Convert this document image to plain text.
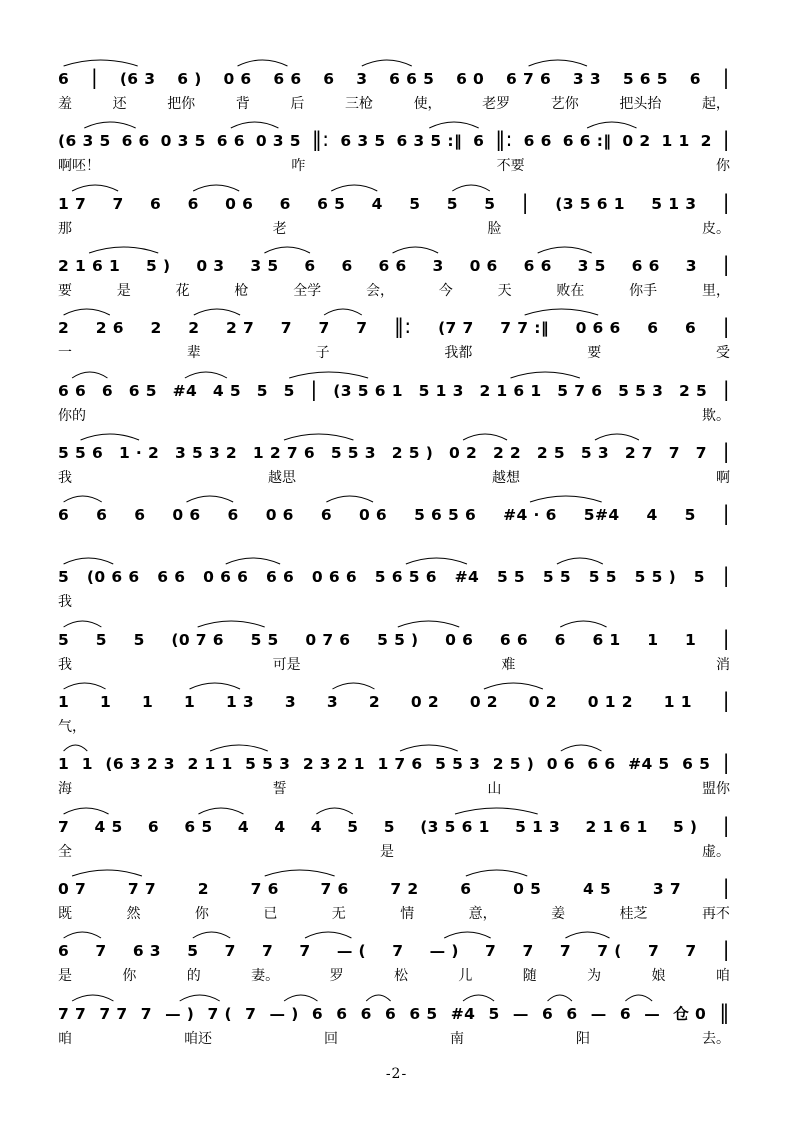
6 | (6 3 6 ) 0 6 6 6 6 3 6 6 5 6 0 6 7 6 3 3 5 6 5 6 |
羞	还	把你	背	后	三枪	使，	老罗	艺你	把头抬	起，
(6 3 5 6 6 0 3 5 6 6 0 3 5 ‖: 6 3 5 6 3 5 :‖ 6 ‖: 6 6 6 6 :‖ 0 2 1 1 2 |
啊呸！	咋	不要	你
1 7 7 6 6 0 6 6 6 5 4 5 5 5 | (3 5 6 1 5 1 3 |
那	老	脸	皮。
2 1 6 1 5 ) 0 3 3 5 6 6 6 6 3 0 6 6 6 3 5 6 6 3 |
要	是	花	枪	全学	会，	今	天	败在	你手	里，
2 2 6 2 2 2 7 7 7 7 ‖: (7 7 7 7 :‖ 0 6 6 6 6 |
一	辈	子	我都	要	受
6 6 6 6 5 #4 4 5 5 5 | (3 5 6 1 5 1 3 2 1 6 1 5 7 6 5 5 3 2 5 |
你的	欺。
5 5 6 1 · 2 3 5 3 2 1 2 7 6 5 5 3 2 5 ) 0 2 2 2 2 5 5 3 2 7 7 7 |
我	越思	越想	啊
6 6 6 0 6 6 0 6 6 0 6 5 6 5 6 #4 · 6 5#4 4 5 |
5 (0 6 6 6 6 0 6 6 6 6 0 6 6 5 6 5 6 #4 5 5 5 5 5 5 5 5 ) 5 |
我
5 5 5 (0 7 6 5 5 0 7 6 5 5 ) 0 6 6 6 6 6 1 1 1 |
我	可是	难	消
1 1 1 1 1 3 3 3 2 0 2 0 2 0 2 0 1 2 1 1 |
气，
1 1 (6 3 2 3 2 1 1 5 5 3 2 3 2 1 1 7 6 5 5 3 2 5 ) 0 6 6 6 #4 5 6 5 |
海	誓	山	盟你
7 4 5 6 6 5 4 4 4 5 5 (3 5 6 1 5 1 3 2 1 6 1 5 ) |
全	是	虚。
0 7	7 7	2	7 6	7 6	7 2	6	0 5	4 5	3 7 |
既	然	你	已	无	情	意，	姜	桂芝	再不
6 7 6 3 5 7 7 7 — ( 7 — ) 7 7 7 7 ( 7 7 |
是	你	的	妻。	罗	松	儿	随	为	娘	咱
7 7 7 7 7 — ) 7 ( 7 — ) 6 6 6 6 6 5 #4 5 — 6 6 — 6 — 仓 0 ‖
咱	咱还	回	南	阳	去。
-2-
